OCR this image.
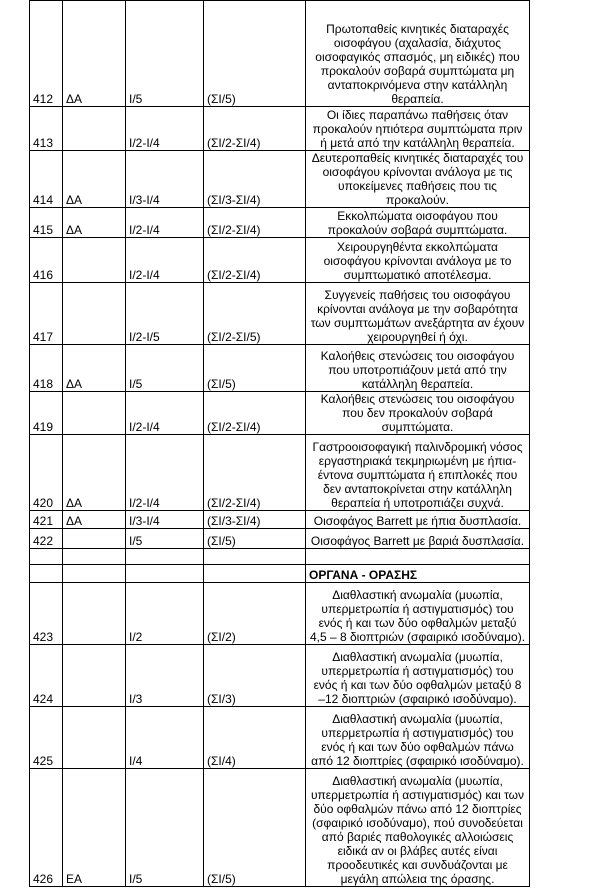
412	ΔΑ	Ι/5	(ΣΙ/5)	Πρωτοπαθείς κινητικές διαταραχές οισοφάγου (αχαλασία, διάχυτος οισοφαγικός σπασμός, μη ειδικές) που προκαλούν σοβαρά συμπτώματα μη ανταποκρινόμενα στην κατάλληλη θεραπεία.
413		Ι/2-Ι/4	(ΣΙ/2-ΣΙ/4)	Οι ίδιες παραπάνω παθήσεις όταν προκαλούν ηπιότερα συμπτώματα πριν ή μετά από την κατάλληλη θεραπεία.
414	ΔΑ	Ι/3-Ι/4	(ΣΙ/3-ΣΙ/4)	Δευτεροπαθείς κινητικές διαταραχές του οισοφάγου κρίνονται ανάλογα με τις υποκείμενες παθήσεις που τις προκαλούν.
415	ΔΑ	Ι/2-Ι/4	(ΣΙ/2-ΣΙ/4)	Εκκολπώματα οισοφάγου που προκαλούν σοβαρά συμπτώματα.
416		Ι/2-Ι/4	(ΣΙ/2-ΣΙ/4)	Χειρουργηθέντα εκκολπώματα οισοφάγου κρίνονται ανάλογα με το συμπτωματικό αποτέλεσμα.
417		Ι/2-Ι/5	(ΣΙ/2-ΣΙ/5)	Συγγενείς παθήσεις του οισοφάγου κρίνονται ανάλογα με την σοβαρότητα των συμπτωμάτων ανεξάρτητα αν έχουν χειρουργηθεί ή όχι.
418	ΔΑ	Ι/5	(ΣΙ/5)	Καλοήθεις στενώσεις του οισοφάγου που υποτροπιάζουν μετά από την κατάλληλη θεραπεία.
419		Ι/2-Ι/4	(ΣΙ/2-ΣΙ/4)	Καλοήθεις στενώσεις του οισοφάγου που δεν προκαλούν σοβαρά συμπτώματα.
420	ΔΑ	Ι/2-Ι/4	(ΣΙ/2-ΣΙ/4)	Γαστροοισοφαγική παλινδρομική νόσος εργαστηριακά τεκμηριωμένη με ήπια-έντονα συμπτώματα ή επιπλοκές που δεν ανταποκρίνεται στην κατάλληλη θεραπεία ή υποτροπιάζει συχνά.
421	ΔΑ	Ι/3-Ι/4	(ΣΙ/3-ΣΙ/4)	Οισοφάγος Barrett με ήπια δυσπλασία.
422		Ι/5	(ΣΙ/5)	Οισοφάγος Barrett με βαριά δυσπλασία.

				ΟΡΓΑΝΑ - ΟΡΑΣΗΣ
423		Ι/2	(ΣΙ/2)	Διαθλαστική ανωμαλία (μυωπία, υπερμετρωπία ή αστιγματισμός) του ενός ή και των δύο οφθαλμών μεταξύ 4,5 – 8 διοπτριών (σφαιρικό ισοδύναμο).
424		Ι/3	(ΣΙ/3)	Διαθλαστική ανωμαλία (μυωπία, υπερμετρωπία ή αστιγματισμός) του ενός ή και των δύο οφθαλμών μεταξύ 8 –12 διοπτριών (σφαιρικό ισοδύναμο).
425		Ι/4	(ΣΙ/4)	Διαθλαστική ανωμαλία (μυωπία, υπερμετρωπία ή αστιγματισμός) του ενός ή και των δύο οφθαλμών πάνω από 12 διοπτρίες (σφαιρικό ισοδύναμο).
426	ΕΑ	Ι/5	(ΣΙ/5)	Διαθλαστική ανωμαλία (μυωπία, υπερμετρωπία ή αστιγματισμός) και των δύο οφθαλμών πάνω από 12 διοπτρίες (σφαιρικό ισοδύναμο), πού συνοδεύεται από βαριές παθολογικές αλλοιώσεις ειδικά αν οι βλάβες αυτές είναι προοδευτικές και συνδυάζονται με μεγάλη απώλεια της όρασης.
